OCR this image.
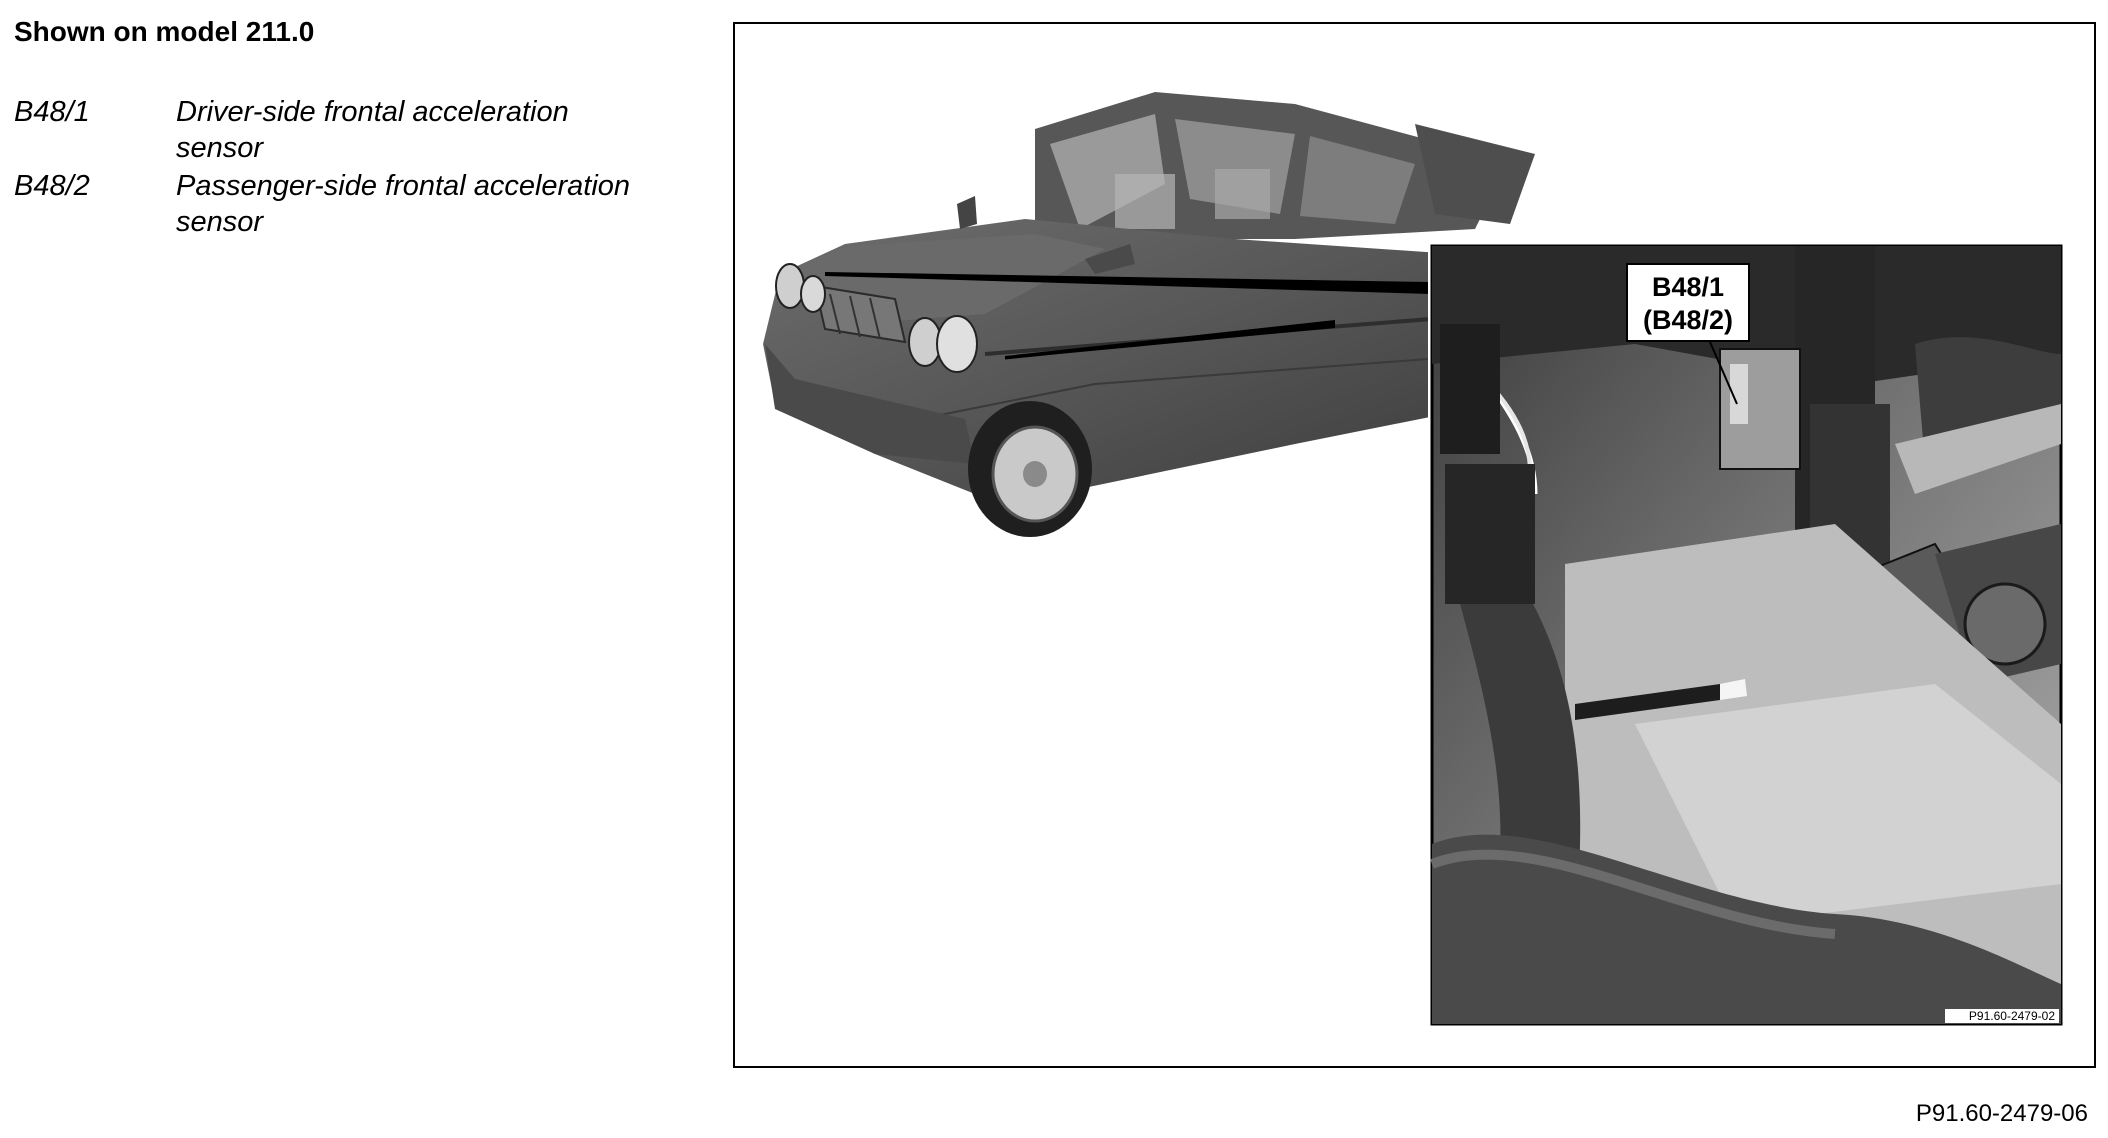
Shown on model 211.0
B48/1	Driver-side frontal acceleration sensor
B48/2	Passenger-side frontal acceleration sensor
B48/1
(B48/2)
P91.60-2479-02
P91.60-2479-06
